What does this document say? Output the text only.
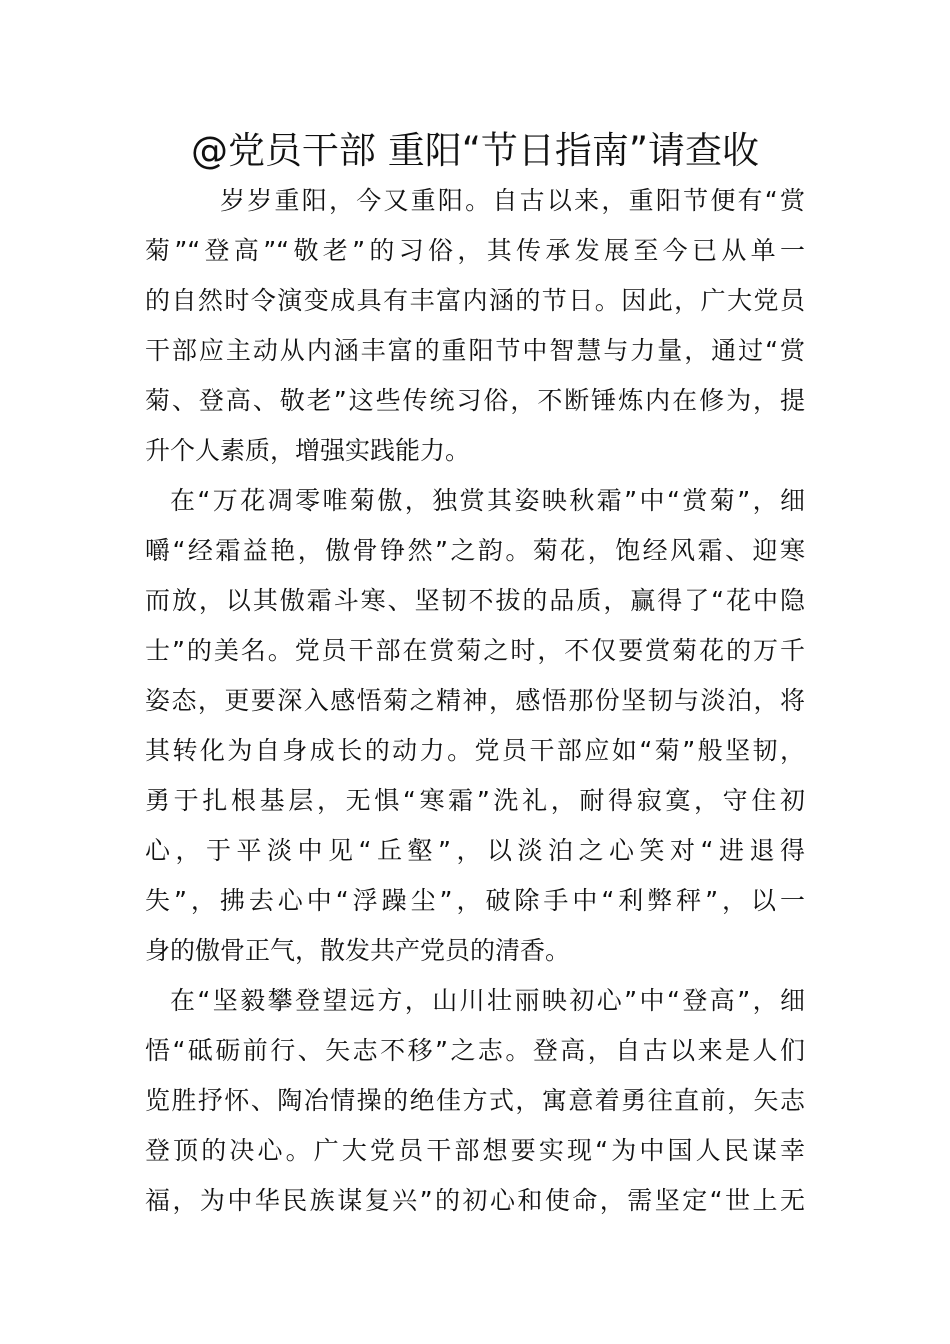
@党员干部 重阳“节日指南”请查收
岁岁重阳，今又重阳。自古以来，重阳节便有“赏
菊”“登高”“敬老”的习俗，其传承发展至今已从单一
的自然时令演变成具有丰富内涵的节日。因此，广大党员
干部应主动从内涵丰富的重阳节中智慧与力量，通过“赏
菊、登高、敬老”这些传统习俗，不断锤炼内在修为，提
升个人素质，增强实践能力。
在“万花凋零唯菊傲，独赏其姿映秋霜”中“赏菊”，细
嚼“经霜益艳，傲骨铮然”之韵。菊花，饱经风霜、迎寒
而放，以其傲霜斗寒、坚韧不拔的品质，赢得了“花中隐
士”的美名。党员干部在赏菊之时，不仅要赏菊花的万千
姿态，更要深入感悟菊之精神，感悟那份坚韧与淡泊，将
其转化为自身成长的动力。党员干部应如“菊”般坚韧，
勇于扎根基层，无惧“寒霜”洗礼，耐得寂寞，守住初
心，于平淡中见“丘壑”，以淡泊之心笑对“进退得
失”，拂去心中“浮躁尘”，破除手中“利弊秤”，以一
身的傲骨正气，散发共产党员的清香。
在“坚毅攀登望远方，山川壮丽映初心”中“登高”，细
悟“砥砺前行、矢志不移”之志。登高，自古以来是人们
览胜抒怀、陶冶情操的绝佳方式，寓意着勇往直前，矢志
登顶的决心。广大党员干部想要实现“为中国人民谋幸
福，为中华民族谋复兴”的初心和使命，需坚定“世上无
